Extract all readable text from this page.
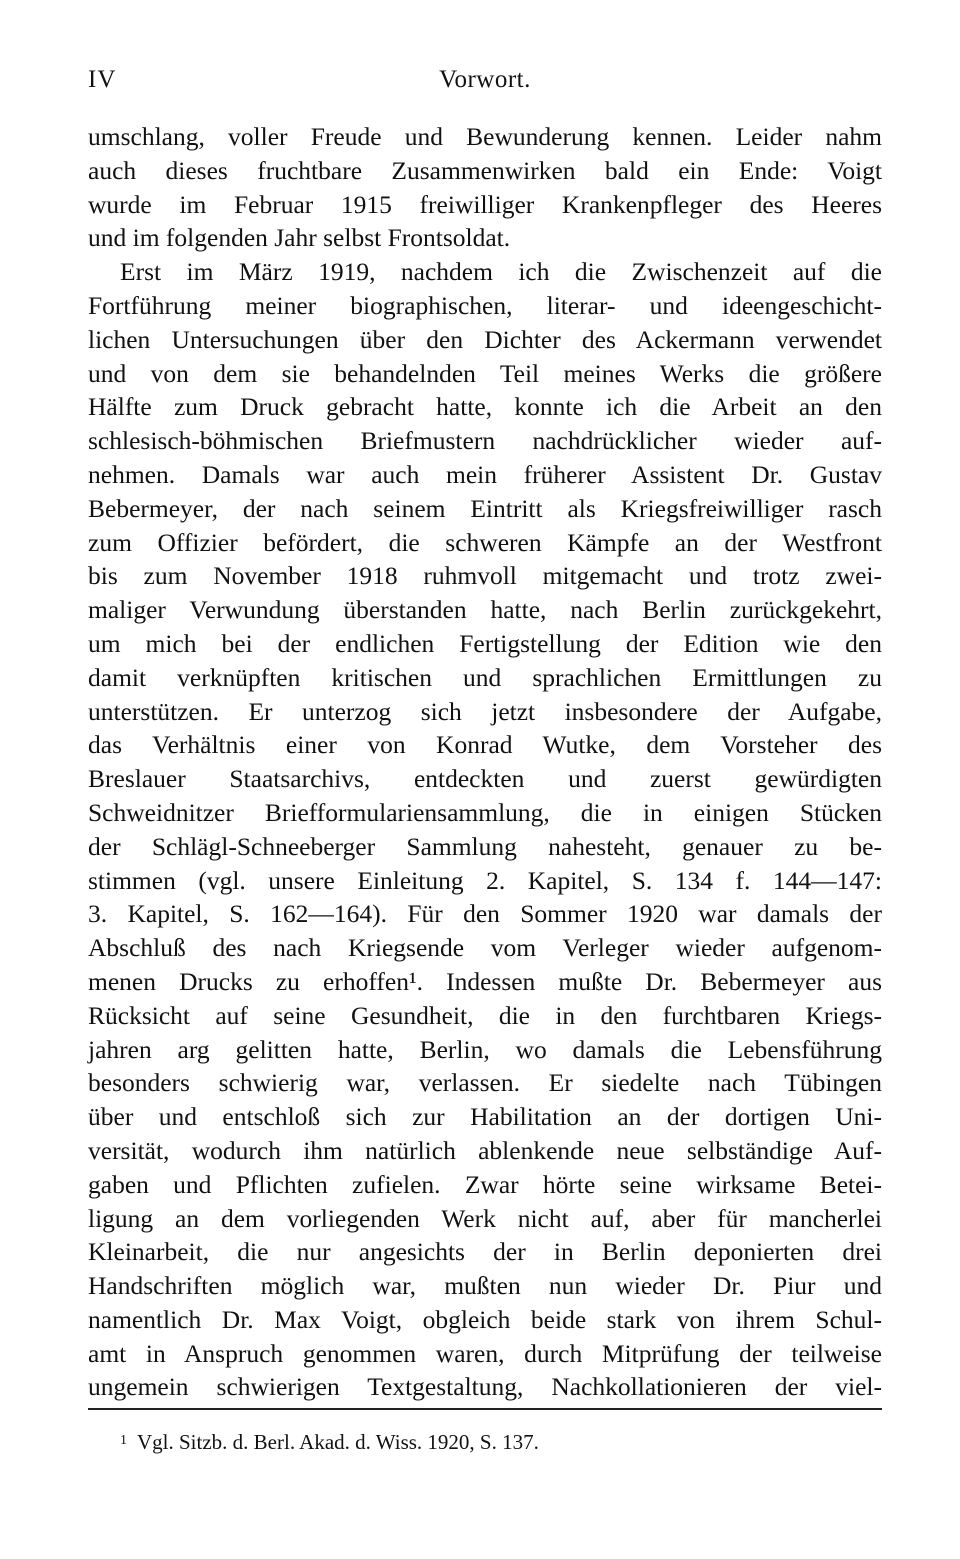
IV	Vorwort.
umschlang, voller Freude und Bewunderung kennen. Leider nahm
auch dieses fruchtbare Zusammenwirken bald ein Ende: Voigt
wurde im Februar 1915 freiwilliger Krankenpfleger des Heeres
und im folgenden Jahr selbst Frontsoldat.
Erst im März 1919, nachdem ich die Zwischenzeit auf die
Fortführung meiner biographischen, literar- und ideengeschicht-
lichen Untersuchungen über den Dichter des Ackermann verwendet
und von dem sie behandelnden Teil meines Werks die größere
Hälfte zum Druck gebracht hatte, konnte ich die Arbeit an den
schlesisch-böhmischen Briefmustern nachdrücklicher wieder auf-
nehmen. Damals war auch mein früherer Assistent Dr. Gustav
Bebermeyer, der nach seinem Eintritt als Kriegsfreiwilliger rasch
zum Offizier befördert, die schweren Kämpfe an der Westfront
bis zum November 1918 ruhmvoll mitgemacht und trotz zwei-
maliger Verwundung überstanden hatte, nach Berlin zurückgekehrt,
um mich bei der endlichen Fertigstellung der Edition wie den
damit verknüpften kritischen und sprachlichen Ermittlungen zu
unterstützen. Er unterzog sich jetzt insbesondere der Aufgabe,
das Verhältnis einer von Konrad Wutke, dem Vorsteher des
Breslauer Staatsarchivs, entdeckten und zuerst gewürdigten
Schweidnitzer Briefformulariensammlung, die in einigen Stücken
der Schlägl-Schneeberger Sammlung nahesteht, genauer zu be-
stimmen (vgl. unsere Einleitung 2. Kapitel, S. 134 f. 144—147:
3. Kapitel, S. 162—164). Für den Sommer 1920 war damals der
Abschluß des nach Kriegsende vom Verleger wieder aufgenom-
menen Drucks zu erhoffen¹. Indessen mußte Dr. Bebermeyer aus
Rücksicht auf seine Gesundheit, die in den furchtbaren Kriegs-
jahren arg gelitten hatte, Berlin, wo damals die Lebensführung
besonders schwierig war, verlassen. Er siedelte nach Tübingen
über und entschloß sich zur Habilitation an der dortigen Uni-
versität, wodurch ihm natürlich ablenkende neue selbständige Auf-
gaben und Pflichten zufielen. Zwar hörte seine wirksame Betei-
ligung an dem vorliegenden Werk nicht auf, aber für mancherlei
Kleinarbeit, die nur angesichts der in Berlin deponierten drei
Handschriften möglich war, mußten nun wieder Dr. Piur und
namentlich Dr. Max Voigt, obgleich beide stark von ihrem Schul-
amt in Anspruch genommen waren, durch Mitprüfung der teilweise
ungemein schwierigen Textgestaltung, Nachkollationieren der viel-
$^1$ Vgl. Sitzb. d. Berl. Akad. d. Wiss. 1920, S. 137.
